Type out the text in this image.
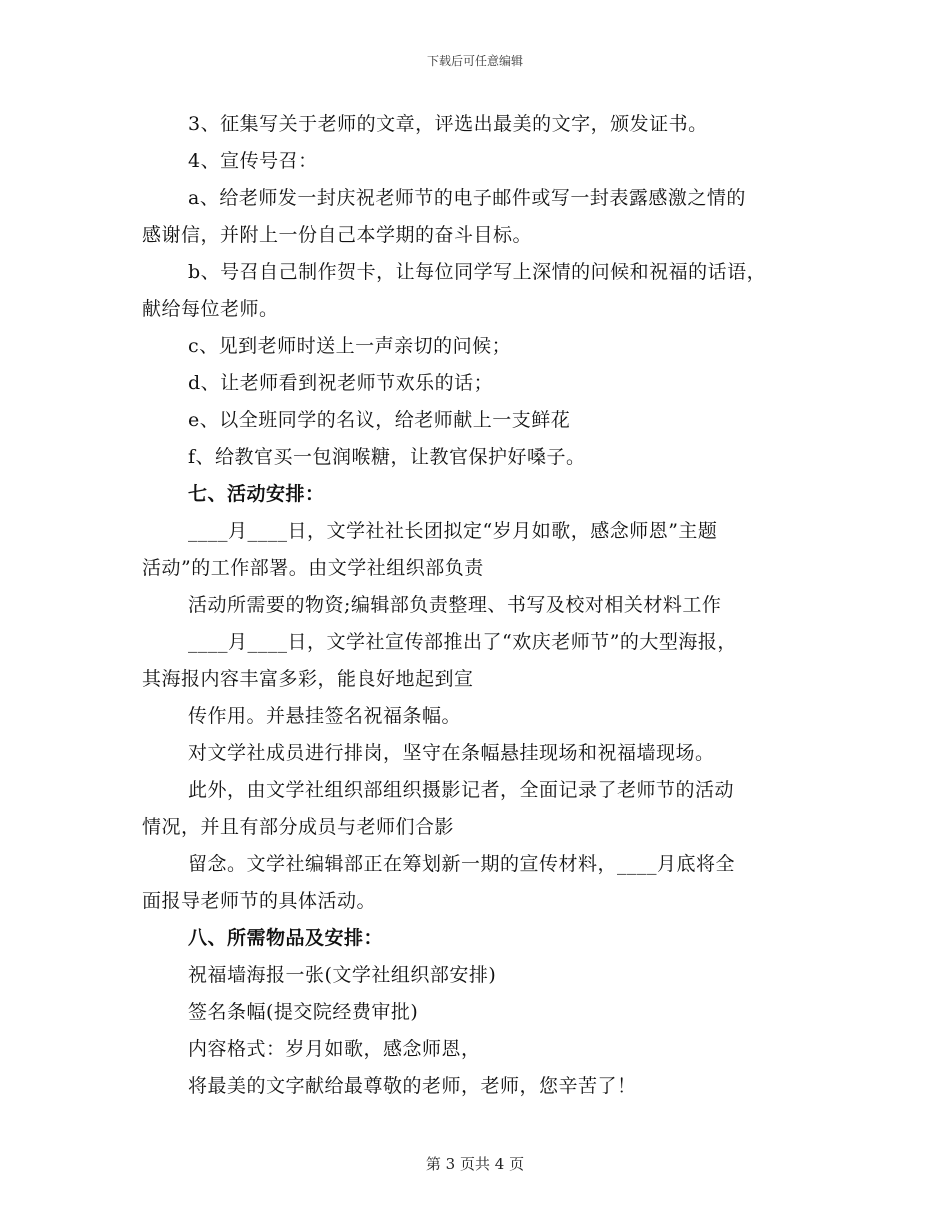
下载后可任意编辑
3、征集写关于老师的文章，评选出最美的文字，颁发证书。
4、宣传号召：
a、给老师发一封庆祝老师节的电子邮件或写一封表露感激之情的
感谢信，并附上一份自己本学期的奋斗目标。
b、号召自己制作贺卡，让每位同学写上深情的问候和祝福的话语，
献给每位老师。
c、见到老师时送上一声亲切的问候；
d、让老师看到祝老师节欢乐的话；
e、以全班同学的名议，给老师献上一支鲜花
f、给教官买一包润喉糖，让教官保护好嗓子。
七、活动安排：
____月____日，文学社社长团拟定“岁月如歌，感念师恩”主题
活动”的工作部署。由文学社组织部负责
活动所需要的物资;编辑部负责整理、书写及校对相关材料工作
____月____日，文学社宣传部推出了“欢庆老师节”的大型海报，
其海报内容丰富多彩，能良好地起到宣
传作用。并悬挂签名祝福条幅。
对文学社成员进行排岗，坚守在条幅悬挂现场和祝福墙现场。
此外，由文学社组织部组织摄影记者，全面记录了老师节的活动
情况，并且有部分成员与老师们合影
留念。文学社编辑部正在筹划新一期的宣传材料，____月底将全
面报导老师节的具体活动。
八、所需物品及安排：
祝福墙海报一张(文学社组织部安排)
签名条幅(提交院经费审批)
内容格式：岁月如歌，感念师恩，
将最美的文字献给最尊敬的老师，老师，您辛苦了！
第 3 页共 4 页
